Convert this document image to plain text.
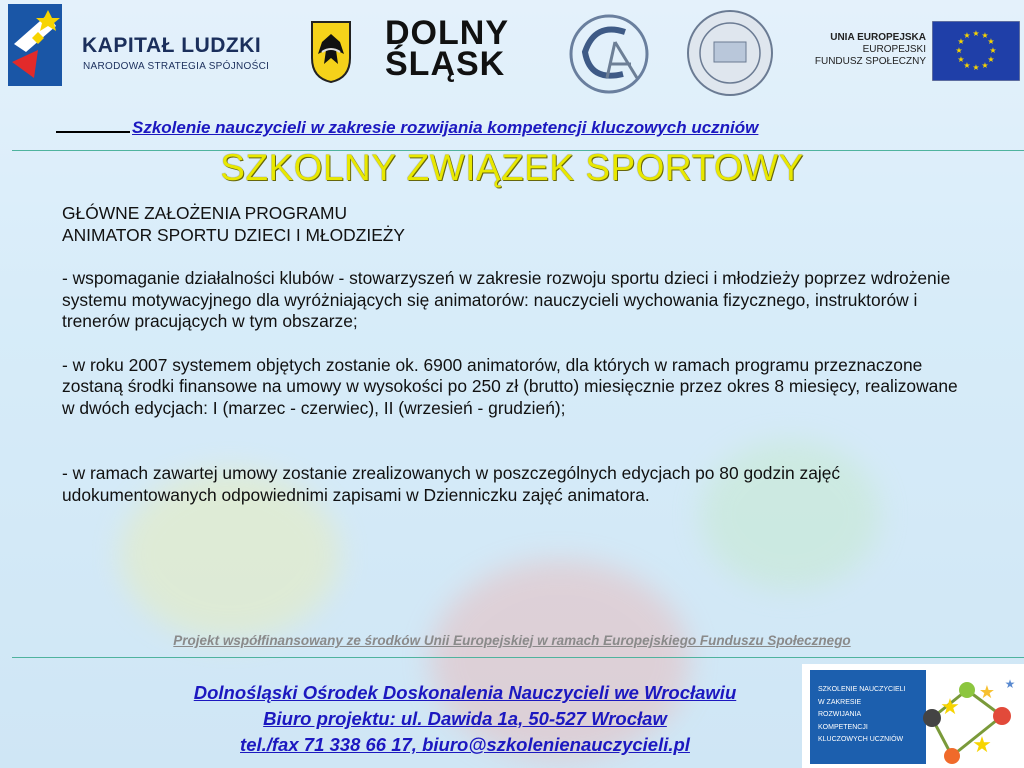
KAPITAŁ LUDZKI
NARODOWA STRATEGIA SPÓJNOŚCI
DOLNY
ŚLĄSK
UNIA EUROPEJSKA
EUROPEJSKI
FUNDUSZ SPOŁECZNY
★ ★
★
★
★
★
★
★
★
★
★
★
Szkolenie nauczycieli w zakresie rozwijania kompetencji kluczowych uczniów
SZKOLNY ZWIĄZEK SPORTOWY

GŁÓWNE ZAŁOŻENIA PROGRAMU

ANIMATOR SPORTU DZIECI I MŁODZIEŻY

- wspomaganie działalności klubów - stowarzyszeń w zakresie rozwoju sportu dzieci i młodzieży poprzez wdrożenie systemu motywacyjnego dla wyróżniających się animatorów: nauczycieli wychowania fizycznego, instruktorów i trenerów pracujących w tym obszarze;

- w roku 2007 systemem objętych zostanie ok. 6900 animatorów, dla których w ramach programu przeznaczone zostaną środki finansowe na umowy w wysokości po 250 zł (brutto) miesięcznie przez okres 8 miesięcy, realizowane w dwóch edycjach: I (marzec - czerwiec), II (wrzesień - grudzień);

- w ramach zawartej umowy zostanie zrealizowanych w poszczególnych edycjach po 80 godzin zajęć udokumentowanych odpowiednimi zapisami w Dzienniczku zajęć animatora.

Projekt współfinansowany ze środków Unii Europejskiej w ramach Europejskiego Funduszu Społecznego
Dolnośląski Ośrodek Doskonalenia Nauczycieli we Wrocławiu
Biuro projektu: ul. Dawida 1a, 50-527 Wrocław
tel./fax 71 338 66 17, biuro@szkolenienauczycieli.pl
SZKOLENIE NAUCZYCIELI
W ZAKRESIE
ROZWIJANIA
KOMPETENCJI
KLUCZOWYCH UCZNIÓW
★
★
★
★
